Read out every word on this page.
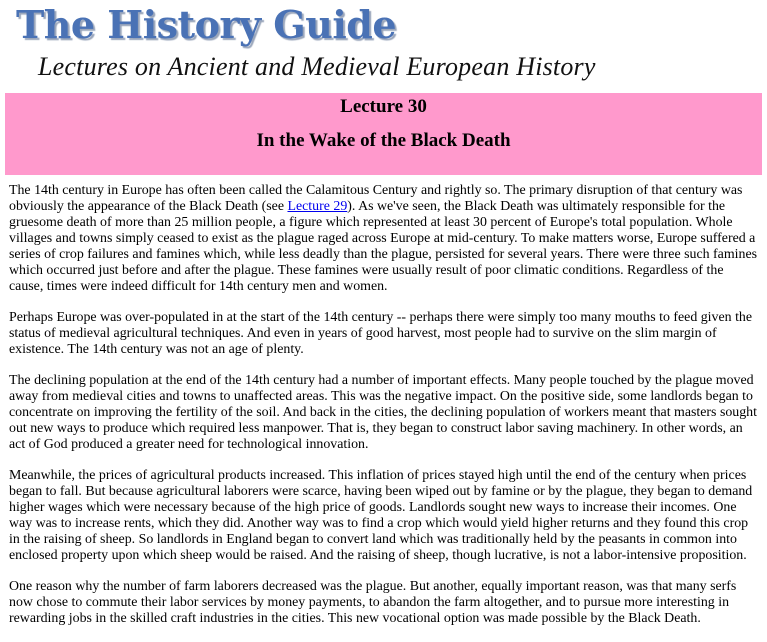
The History Guide
Lectures on Ancient and Medieval European History
Lecture 30
In the Wake of the Black Death

The 14th century in Europe has often been called the Calamitous Century and rightly so. The primary disruption of that century was obviously the appearance of the Black Death (see Lecture 29). As we've seen, the Black Death was ultimately responsible for the gruesome death of more than 25 million people, a figure which represented at least 30 percent of Europe's total population. Whole villages and towns simply ceased to exist as the plague raged across Europe at mid-century. To make matters worse, Europe suffered a series of crop failures and famines which, while less deadly than the plague, persisted for several years. There were three such famines which occurred just before and after the plague. These famines were usually result of poor climatic conditions. Regardless of the cause, times were indeed difficult for 14th century men and women.

Perhaps Europe was over-populated in at the start of the 14th century -- perhaps there were simply too many mouths to feed given the status of medieval agricultural techniques. And even in years of good harvest, most people had to survive on the slim margin of existence. The 14th century was not an age of plenty.

The declining population at the end of the 14th century had a number of important effects. Many people touched by the plague moved away from medieval cities and towns to unaffected areas. This was the negative impact. On the positive side, some landlords began to concentrate on improving the fertility of the soil. And back in the cities, the declining population of workers meant that masters sought out new ways to produce which required less manpower. That is, they began to construct labor saving machinery. In other words, an act of God produced a greater need for technological innovation.

Meanwhile, the prices of agricultural products increased. This inflation of prices stayed high until the end of the century when prices began to fall. But because agricultural laborers were scarce, having been wiped out by famine or by the plague, they began to demand higher wages which were necessary because of the high price of goods. Landlords sought new ways to increase their incomes. One way was to increase rents, which they did. Another way was to find a crop which would yield higher returns and they found this crop in the raising of sheep. So landlords in England began to convert land which was traditionally held by the peasants in common into enclosed property upon which sheep would be raised. And the raising of sheep, though lucrative, is not a labor-intensive proposition.

One reason why the number of farm laborers decreased was the plague. But another, equally important reason, was that many serfs now chose to commute their labor services by money payments, to abandon the farm altogether, and to pursue more interesting in rewarding jobs in the skilled craft industries in the cities. This new vocational option was made possible by the Black Death.
